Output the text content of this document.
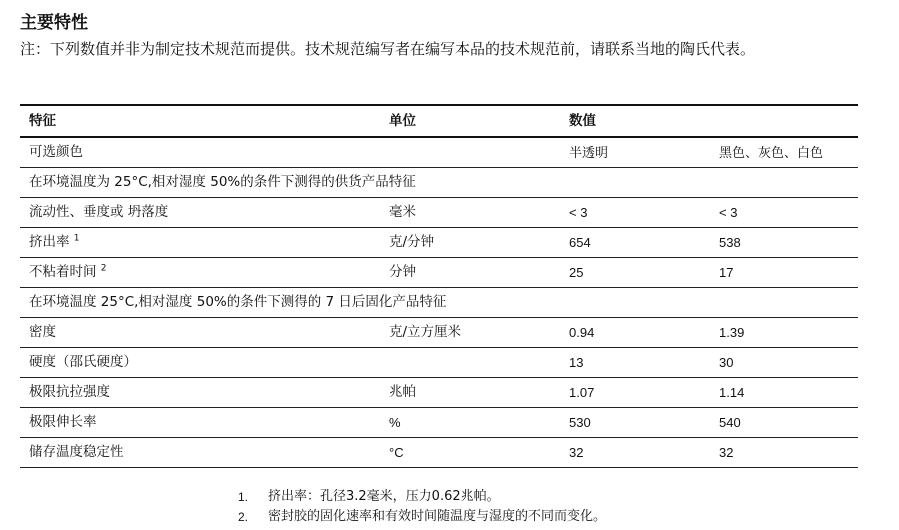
主要特性
注：下列数值并非为制定技术规范而提供。技术规范编写者在编写本品的技术规范前，请联系当地的陶氏代表。
特征	单位	数值	
可选颜色		半透明	黑色、灰色、白色
在环境温度为 25°C,相对湿度 50%的条件下测得的供货产品特征			
流动性、垂度或 坍落度	毫米	< 3	< 3
挤出率 $^1$	克/分钟	654	538
不粘着时间 $^2$	分钟	25	17
在环境温度 25°C,相对湿度 50%的条件下测得的 7 日后固化产品特征			
密度	克/立方厘米	0.94	1.39
硬度（邵氏硬度）		13	30
极限抗拉强度	兆帕	1.07	1.14
极限伸长率	%	530	540
储存温度稳定性	°C	32	32
1.	挤出率：孔径3.2毫米，压力0.62兆帕。
2.	密封胶的固化速率和有效时间随温度与湿度的不同而变化。
